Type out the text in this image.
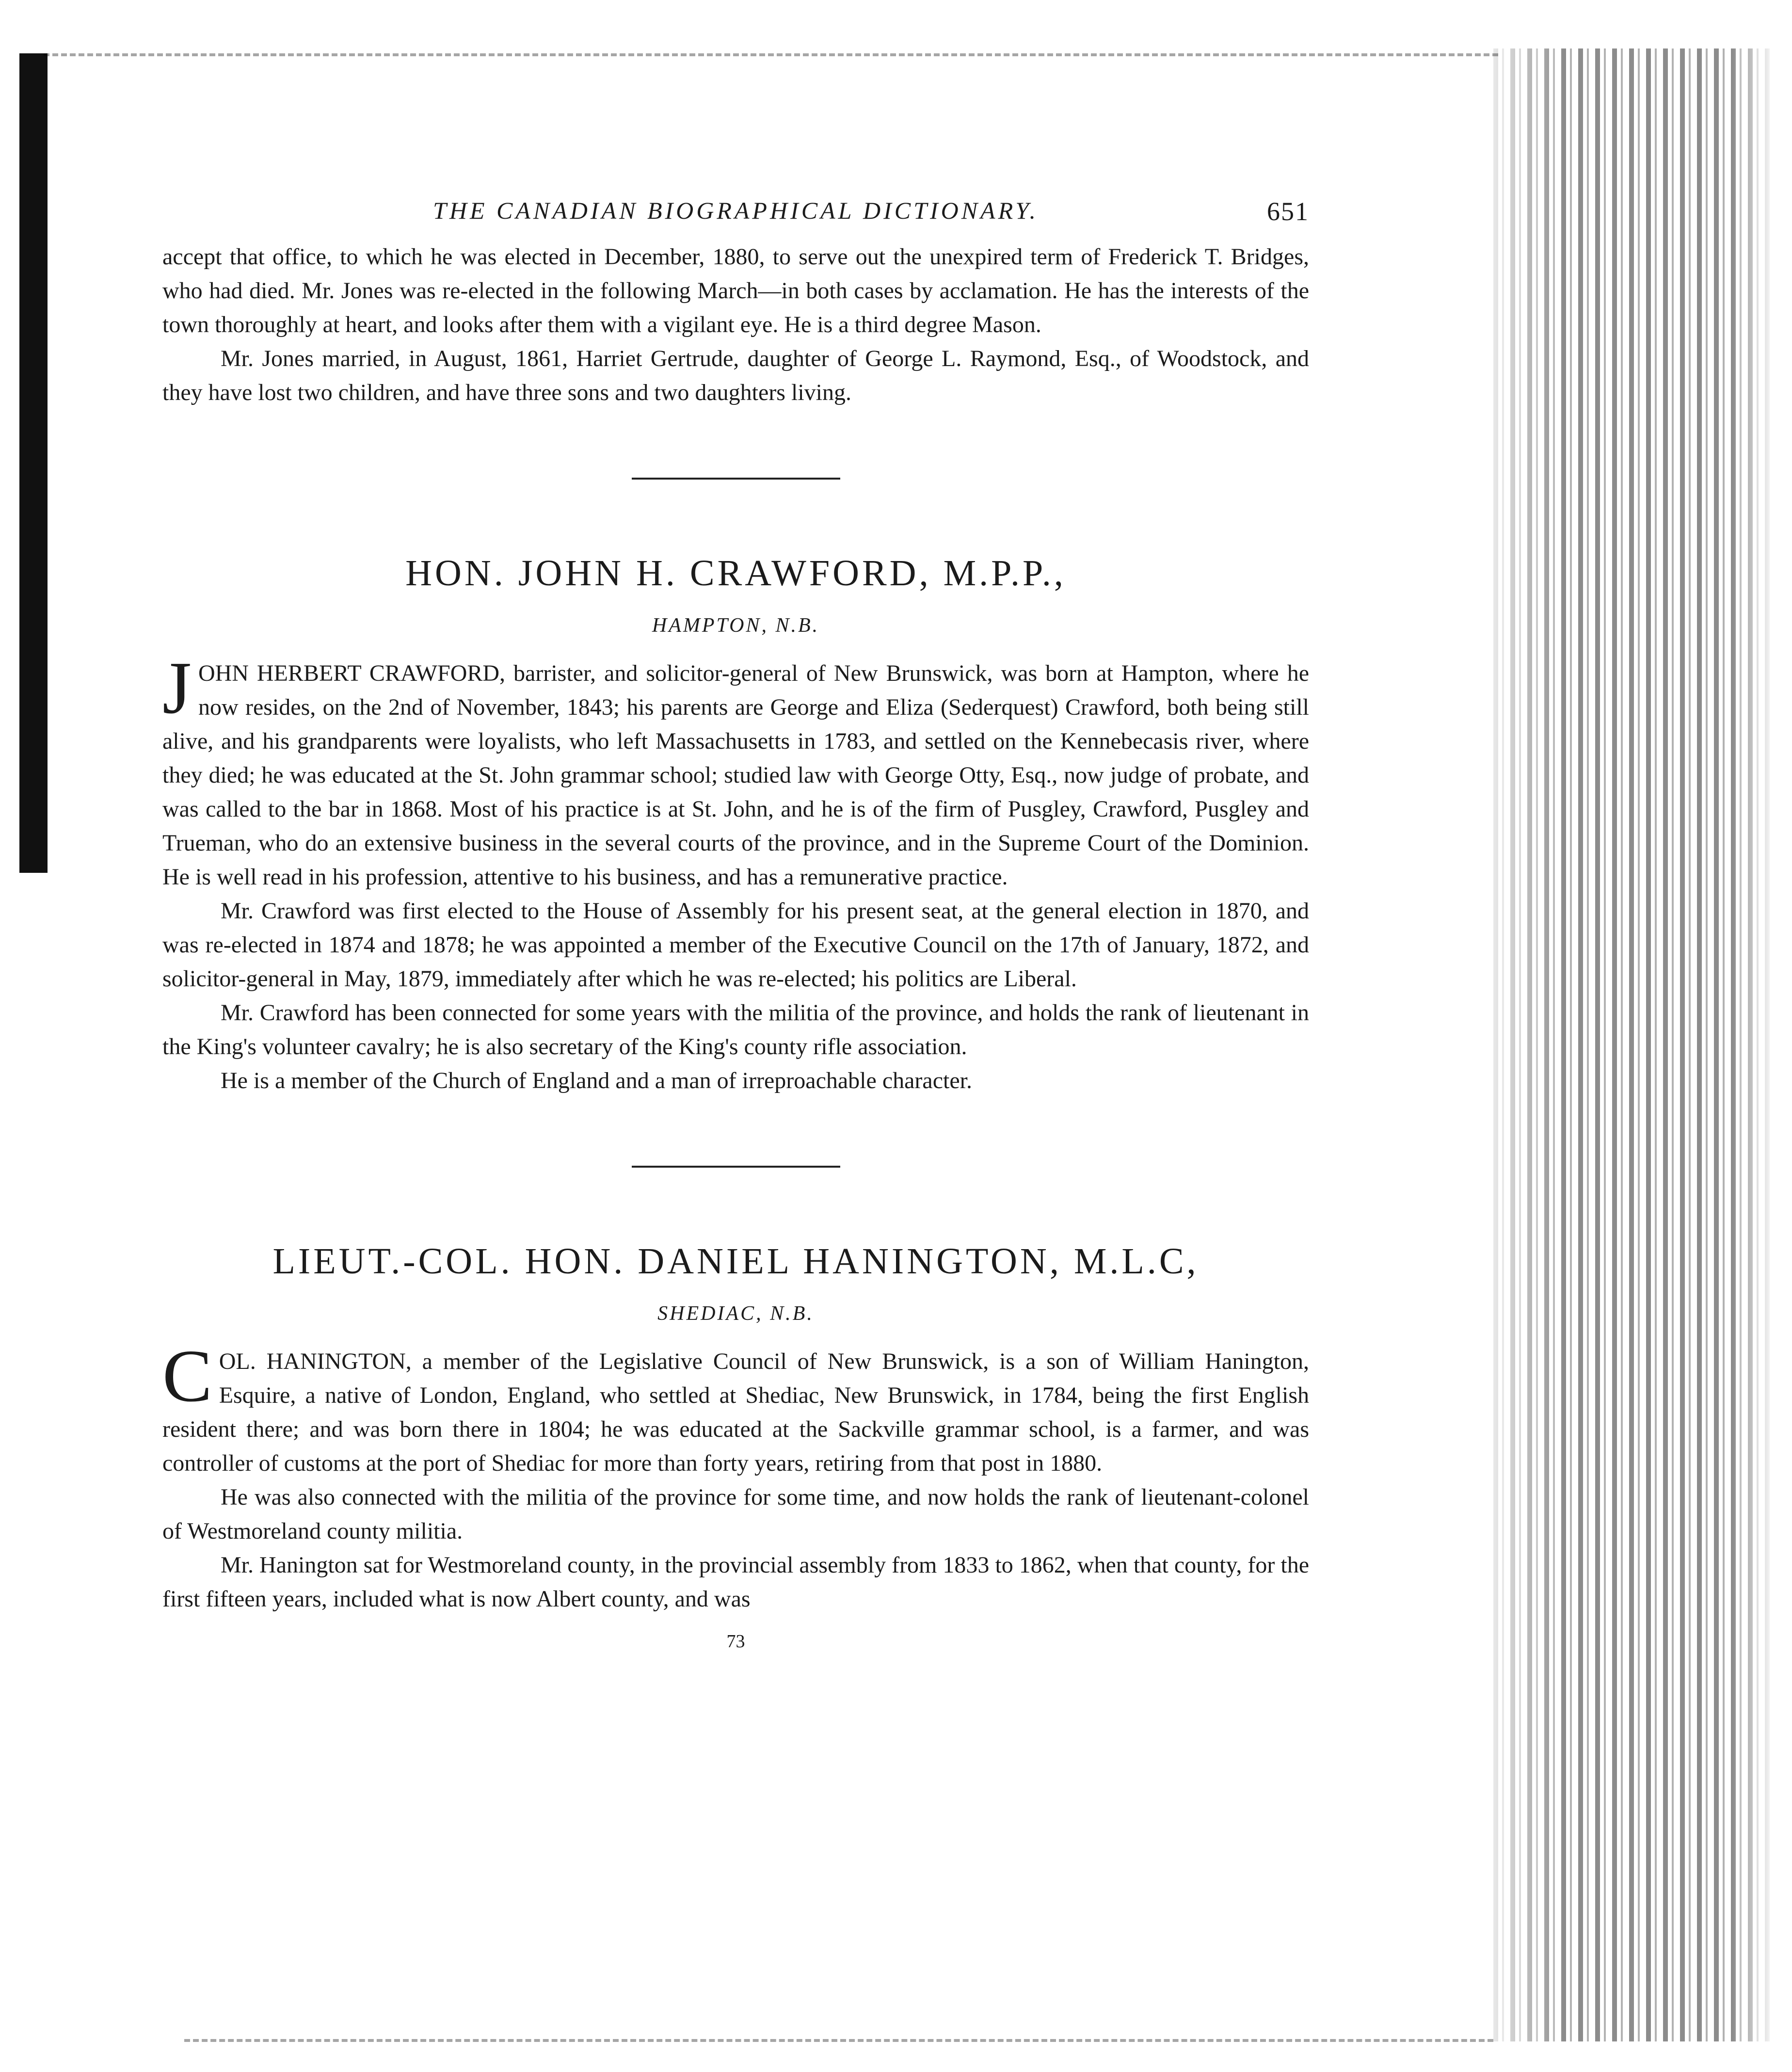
THE CANADIAN BIOGRAPHICAL DICTIONARY.	651

accept that office, to which he was elected in December, 1880, to serve out the unexpired term of Frederick T. Bridges, who had died. Mr. Jones was re-elected in the following March—in both cases by acclamation. He has the interests of the town thoroughly at heart, and looks after them with a vigilant eye. He is a third degree Mason.

Mr. Jones married, in August, 1861, Harriet Gertrude, daughter of George L. Raymond, Esq., of Woodstock, and they have lost two children, and have three sons and two daughters living.

HON. JOHN H. CRAWFORD, M.P.P.,
HAMPTON, N.B.

JOHN HERBERT CRAWFORD, barrister, and solicitor-general of New Brunswick, was born at Hampton, where he now resides, on the 2nd of November, 1843; his parents are George and Eliza (Sederquest) Crawford, both being still alive, and his grandparents were loyalists, who left Massachusetts in 1783, and settled on the Kennebecasis river, where they died; he was educated at the St. John grammar school; studied law with George Otty, Esq., now judge of probate, and was called to the bar in 1868. Most of his practice is at St. John, and he is of the firm of Pusgley, Crawford, Pusgley and Trueman, who do an extensive business in the several courts of the province, and in the Supreme Court of the Dominion. He is well read in his profession, attentive to his business, and has a remunerative practice.

Mr. Crawford was first elected to the House of Assembly for his present seat, at the general election in 1870, and was re-elected in 1874 and 1878; he was appointed a member of the Executive Council on the 17th of January, 1872, and solicitor-general in May, 1879, immediately after which he was re-elected; his politics are Liberal.

Mr. Crawford has been connected for some years with the militia of the province, and holds the rank of lieutenant in the King's volunteer cavalry; he is also secretary of the King's county rifle association.

He is a member of the Church of England and a man of irreproachable character.

LIEUT.-COL. HON. DANIEL HANINGTON, M.L.C,
SHEDIAC, N.B.

COL. HANINGTON, a member of the Legislative Council of New Brunswick, is a son of William Hanington, Esquire, a native of London, England, who settled at Shediac, New Brunswick, in 1784, being the first English resident there; and was born there in 1804; he was educated at the Sackville grammar school, is a farmer, and was controller of customs at the port of Shediac for more than forty years, retiring from that post in 1880.

He was also connected with the militia of the province for some time, and now holds the rank of lieutenant-colonel of Westmoreland county militia.

Mr. Hanington sat for Westmoreland county, in the provincial assembly from 1833 to 1862, when that county, for the first fifteen years, included what is now Albert county, and was

73
